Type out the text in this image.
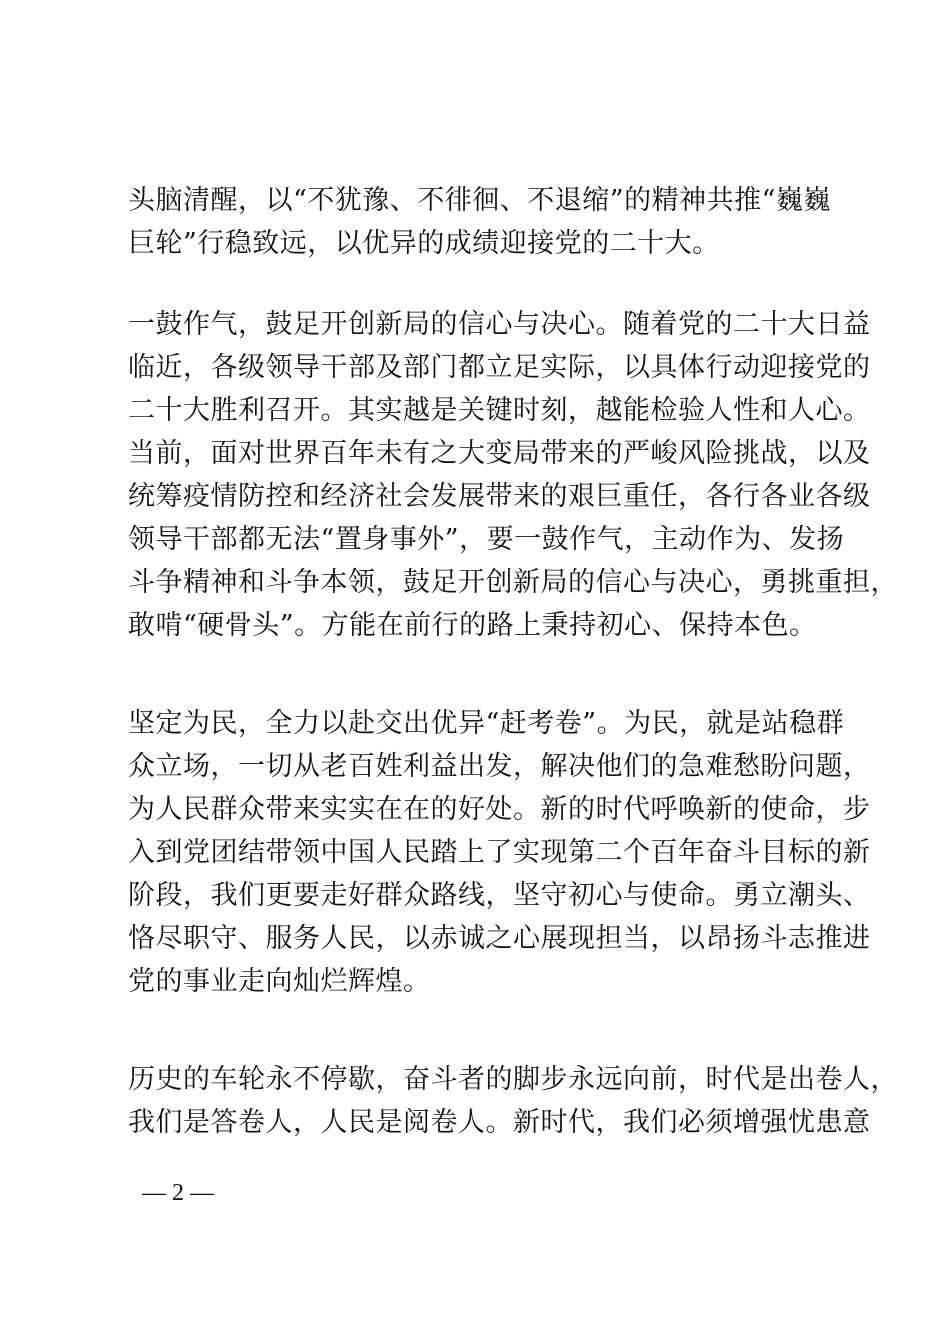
头脑清醒，以“不犹豫、不徘徊、不退缩”的精神共推“巍巍
巨轮”行稳致远，以优异的成绩迎接党的二十大。
一鼓作气，鼓足开创新局的信心与决心。随着党的二十大日益
临近，各级领导干部及部门都立足实际，以具体行动迎接党的
二十大胜利召开。其实越是关键时刻，越能检验人性和人心。
当前，面对世界百年未有之大变局带来的严峻风险挑战，以及
统筹疫情防控和经济社会发展带来的艰巨重任，各行各业各级
领导干部都无法“置身事外”，要一鼓作气，主动作为、发扬
斗争精神和斗争本领，鼓足开创新局的信心与决心，勇挑重担，
敢啃“硬骨头”。方能在前行的路上秉持初心、保持本色。
坚定为民，全力以赴交出优异“赶考卷”。为民，就是站稳群
众立场，一切从老百姓利益出发，解决他们的急难愁盼问题，
为人民群众带来实实在在的好处。新的时代呼唤新的使命，步
入到党团结带领中国人民踏上了实现第二个百年奋斗目标的新
阶段，我们更要走好群众路线，坚守初心与使命。勇立潮头、
恪尽职守、服务人民，以赤诚之心展现担当，以昂扬斗志推进
党的事业走向灿烂辉煌。
历史的车轮永不停歇，奋斗者的脚步永远向前，时代是出卷人，
我们是答卷人，人民是阅卷人。新时代，我们必须增强忧患意
— 2 —
